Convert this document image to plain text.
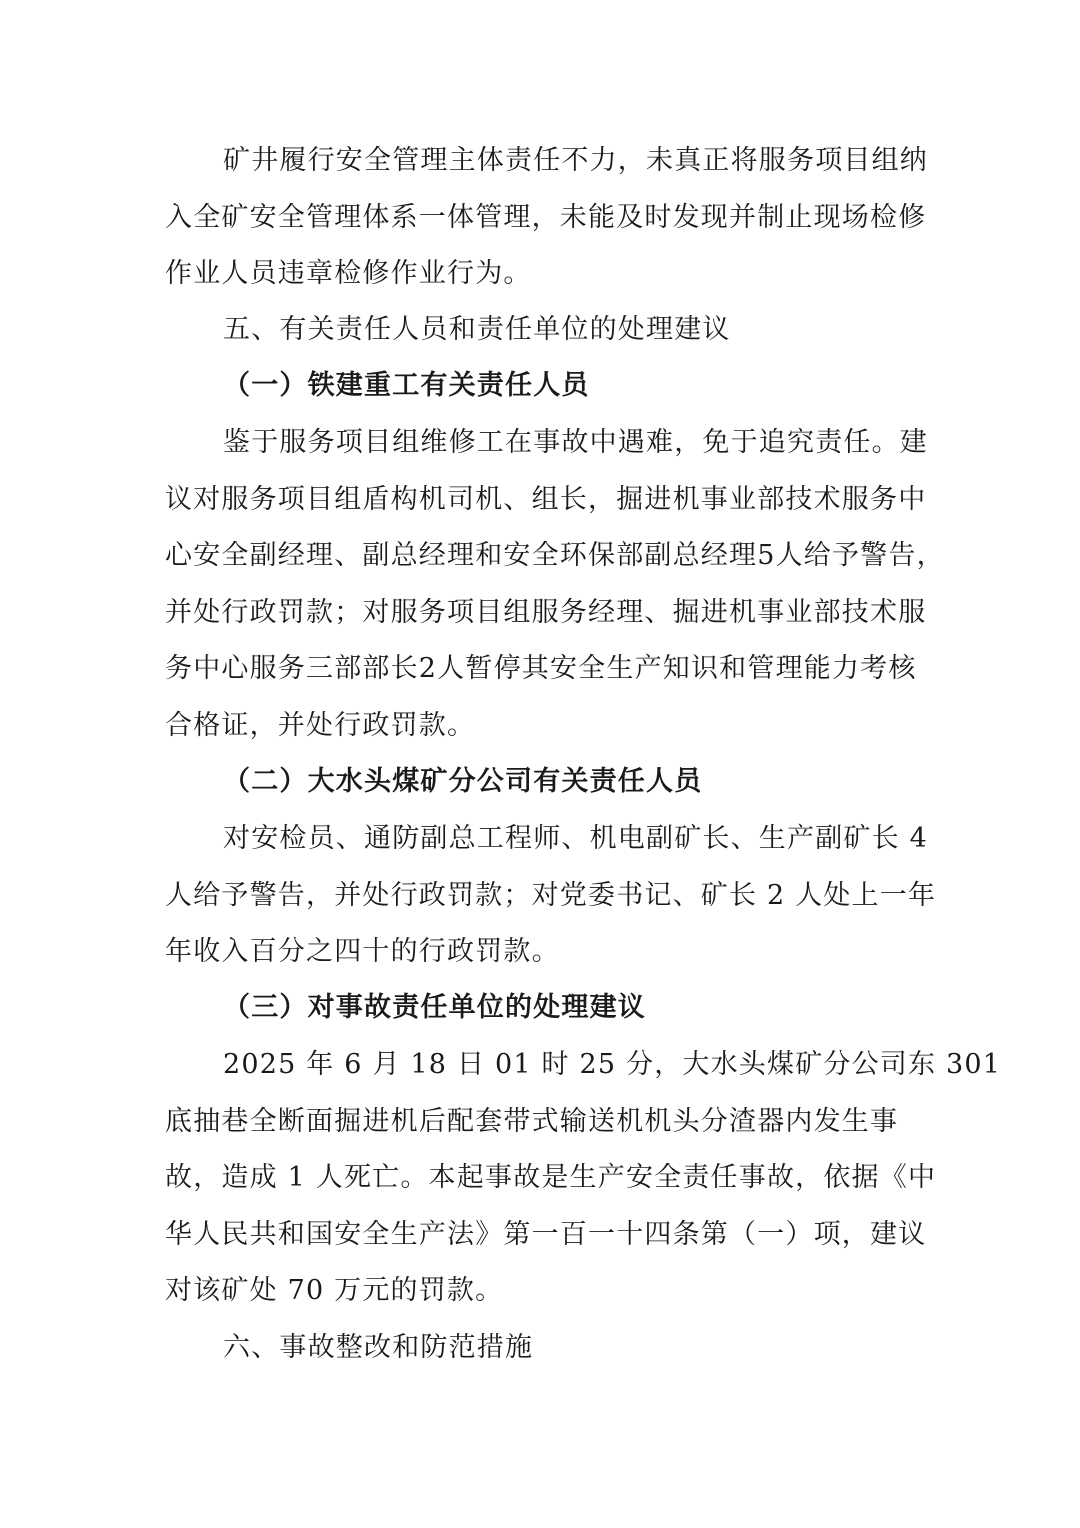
矿井履行安全管理主体责任不力，未真正将服务项目组纳
入全矿安全管理体系一体管理，未能及时发现并制止现场检修
作业人员违章检修作业行为。
五、有关责任人员和责任单位的处理建议
（一）铁建重工有关责任人员
鉴于服务项目组维修工在事故中遇难，免于追究责任。建
议对服务项目组盾构机司机、组长，掘进机事业部技术服务中
心安全副经理、副总经理和安全环保部副总经理5人给予警告，
并处行政罚款；对服务项目组服务经理、掘进机事业部技术服
务中心服务三部部长2人暂停其安全生产知识和管理能力考核
合格证，并处行政罚款。
（二）大水头煤矿分公司有关责任人员
对安检员、通防副总工程师、机电副矿长、生产副矿长 4
人给予警告，并处行政罚款；对党委书记、矿长 2 人处上一年
年收入百分之四十的行政罚款。
（三）对事故责任单位的处理建议
2025 年 6 月 18 日 01 时 25 分，大水头煤矿分公司东 301
底抽巷全断面掘进机后配套带式输送机机头分渣器内发生事
故，造成 1 人死亡。本起事故是生产安全责任事故，依据《中
华人民共和国安全生产法》第一百一十四条第（一）项，建议
对该矿处 70 万元的罚款。
六、事故整改和防范措施
